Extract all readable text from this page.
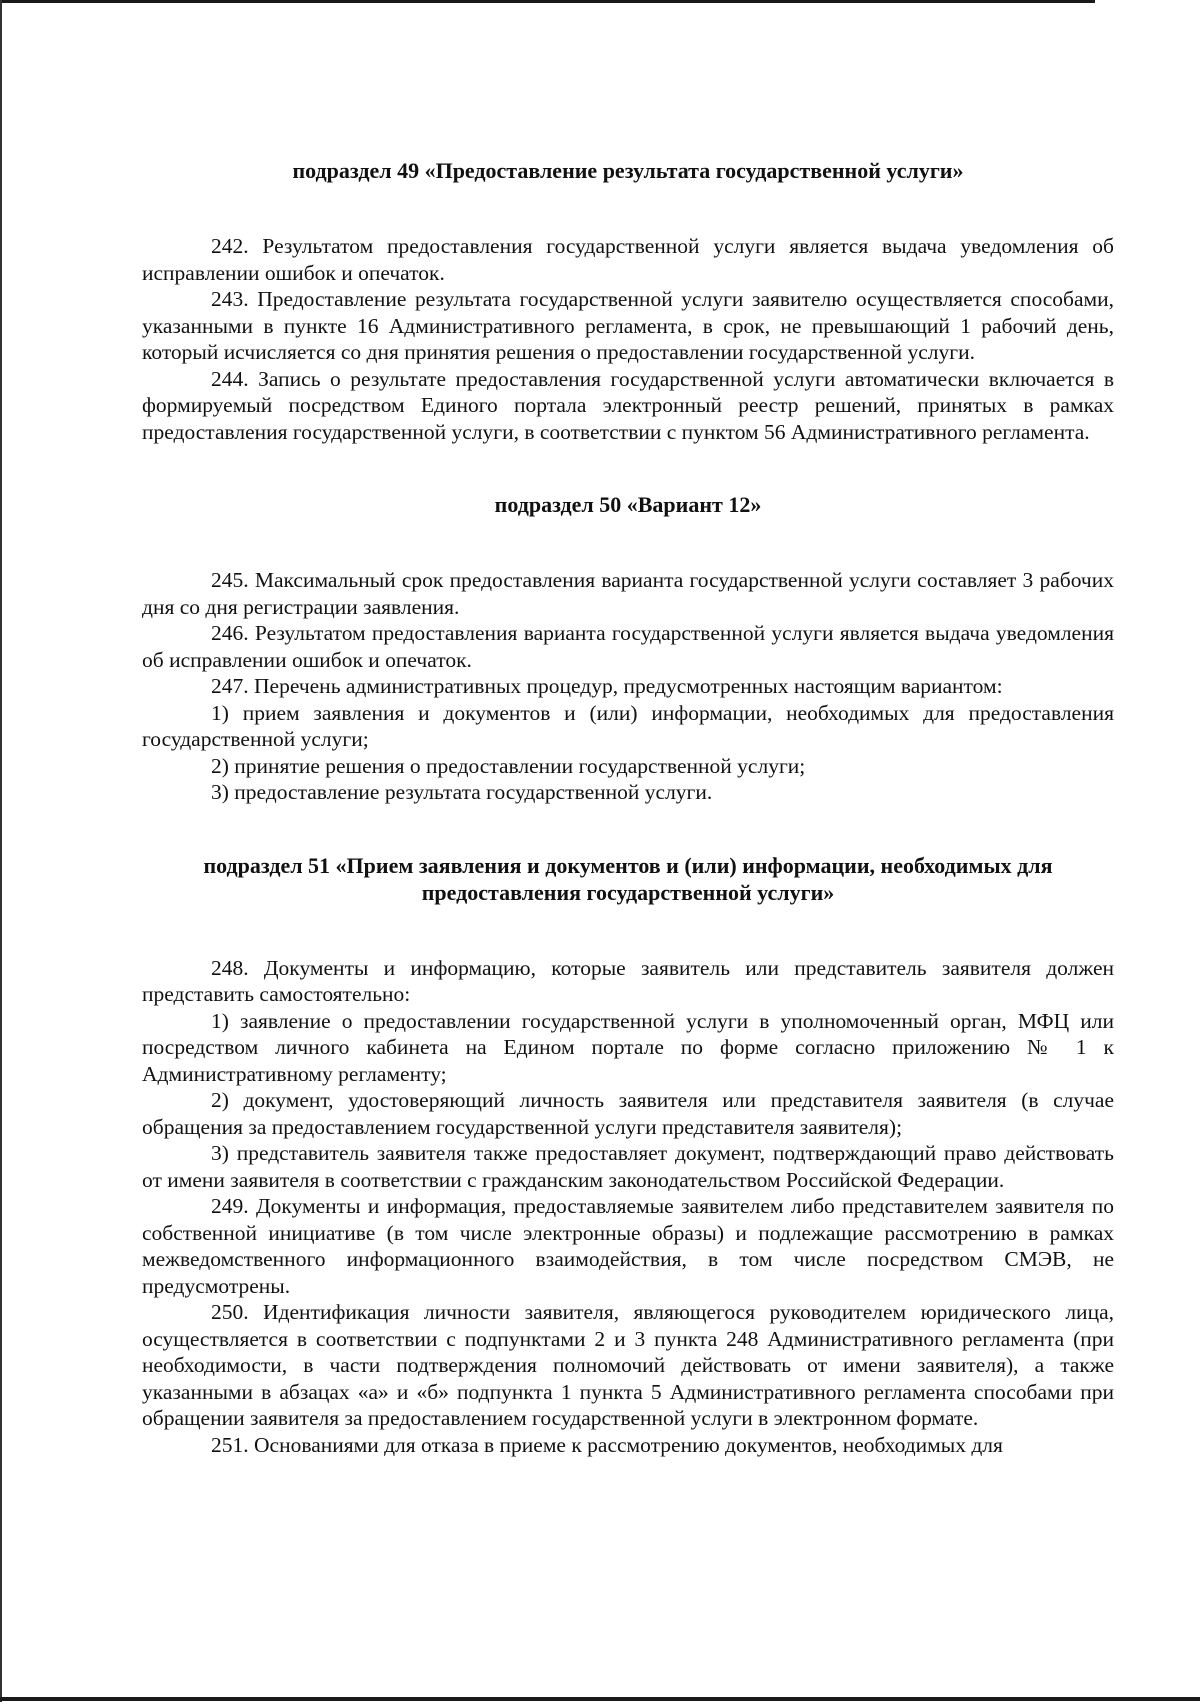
подраздел 49 «Предоставление результата государственной услуги»

242. Результатом предоставления государственной услуги является выдача уведомления об исправлении ошибок и опечаток.

243. Предоставление результата государственной услуги заявителю осуществляется способами, указанными в пункте 16 Административного регламента, в срок, не превышающий 1 рабочий день, который исчисляется со дня принятия решения о предоставлении государственной услуги.

244. Запись о результате предоставления государственной услуги автоматически включается в формируемый посредством Единого портала электронный реестр решений, принятых в рамках предоставления государственной услуги, в соответствии с пунктом 56 Административного регламента.

подраздел 50 «Вариант 12»

245. Максимальный срок предоставления варианта государственной услуги составляет 3 рабочих дня со дня регистрации заявления.

246. Результатом предоставления варианта государственной услуги является выдача уведомления об исправлении ошибок и опечаток.

247. Перечень административных процедур, предусмотренных настоящим вариантом:

1) прием заявления и документов и (или) информации, необходимых для предоставления государственной услуги;

2) принятие решения о предоставлении государственной услуги;

3) предоставление результата государственной услуги.

подраздел 51 «Прием заявления и документов и (или) информации, необходимых для предоставления государственной услуги»

248. Документы и информацию, которые заявитель или представитель заявителя должен представить самостоятельно:

1) заявление о предоставлении государственной услуги в уполномоченный орган, МФЦ или посредством личного кабинета на Едином портале по форме согласно приложению № 1 к Административному регламенту;

2) документ, удостоверяющий личность заявителя или представителя заявителя (в случае обращения за предоставлением государственной услуги представителя заявителя);

3) представитель заявителя также предоставляет документ, подтверждающий право действовать от имени заявителя в соответствии с гражданским законодательством Российской Федерации.

249. Документы и информация, предоставляемые заявителем либо представителем заявителя по собственной инициативе (в том числе электронные образы) и подлежащие рассмотрению в рамках межведомственного информационного взаимодействия, в том числе посредством СМЭВ, не предусмотрены.

250. Идентификация личности заявителя, являющегося руководителем юридического лица, осуществляется в соответствии с подпунктами 2 и 3 пункта 248 Административного регламента (при необходимости, в части подтверждения полномочий действовать от имени заявителя), а также указанными в абзацах «а» и «б» подпункта 1 пункта 5 Административного регламента способами при обращении заявителя за предоставлением государственной услуги в электронном формате.

251. Основаниями для отказа в приеме к рассмотрению документов, необходимых для
